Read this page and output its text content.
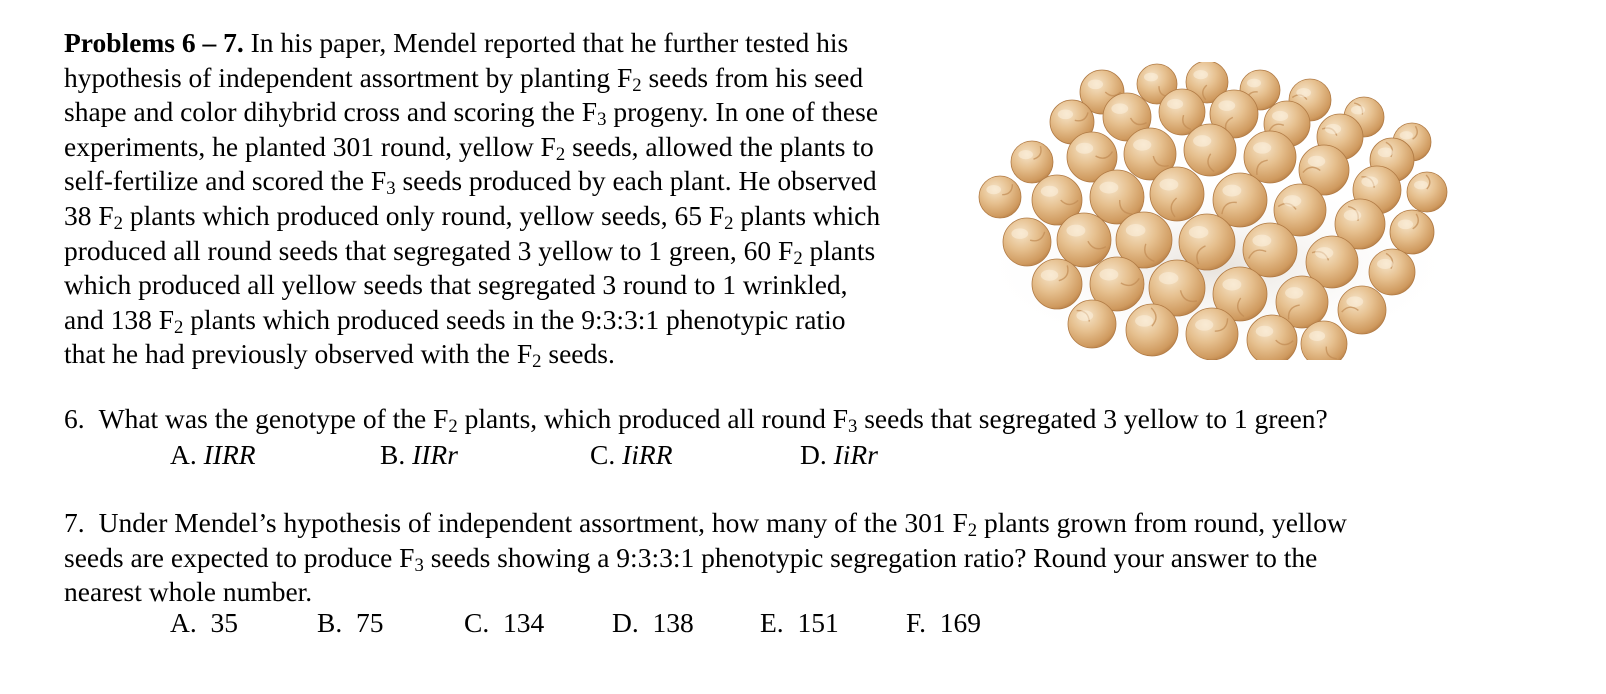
Problems 6 – 7. In his paper, Mendel reported that he further tested his
hypothesis of independent assortment by planting $F_2$ seeds from his seed
shape and color dihybrid cross and scoring the $F_3$ progeny. In one of these
experiments, he planted 301 round, yellow $F_2$ seeds, allowed the plants to
self-fertilize and scored the $F_3$ seeds produced by each plant. He observed
38 $F_2$ plants which produced only round, yellow seeds, 65 $F_2$ plants which
produced all round seeds that segregated 3 yellow to 1 green, 60 $F_2$ plants
which produced all yellow seeds that segregated 3 round to 1 wrinkled,
and 138 $F_2$ plants which produced seeds in the 9:3:3:1 phenotypic ratio
that he had previously observed with the $F_2$ seeds.
6. What was the genotype of the $F_2$ plants, which produced all round $F_3$ seeds that segregated 3 yellow to 1 green?
A. IIRR	B. IIRr	C. IiRR	D. IiRr
7. Under Mendel’s hypothesis of independent assortment, how many of the 301 $F_2$ plants grown from round, yellow
seeds are expected to produce $F_3$ seeds showing a 9:3:3:1 phenotypic segregation ratio? Round your answer to the
nearest whole number.
A. 35	B. 75	C. 134 D. 138 E. 151 F. 169
